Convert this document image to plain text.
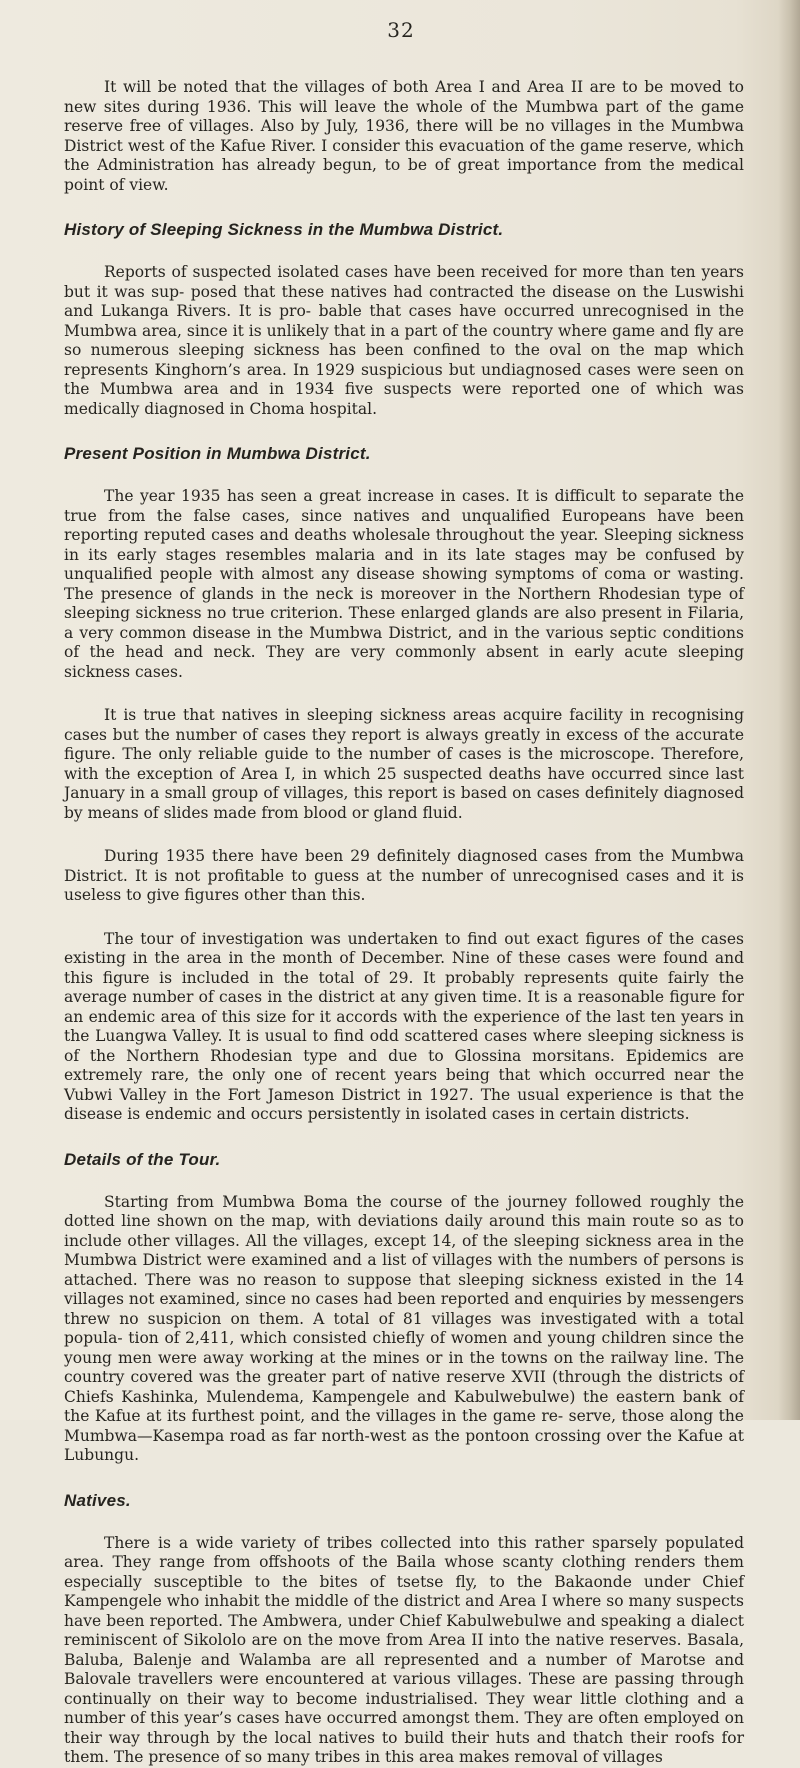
32

It will be noted that the villages of both Area I and Area II are to be moved to new sites during 1936. This will leave the whole of the Mumbwa part of the game reserve free of villages. Also by July, 1936, there will be no villages in the Mumbwa District west of the Kafue River. I consider this evacuation of the game reserve, which the Administration has already begun, to be of great importance from the medical point of view.

History of Sleeping Sickness in the Mumbwa District.

Reports of suspected isolated cases have been received for more than ten years but it was sup- posed that these natives had contracted the disease on the Luswishi and Lukanga Rivers. It is pro- bable that cases have occurred unrecognised in the Mumbwa area, since it is unlikely that in a part of the country where game and fly are so numerous sleeping sickness has been confined to the oval on the map which represents Kinghorn’s area. In 1929 suspicious but undiagnosed cases were seen on the Mumbwa area and in 1934 five suspects were reported one of which was medically diagnosed in Choma hospital.

Present Position in Mumbwa District.

The year 1935 has seen a great increase in cases. It is difficult to separate the true from the false cases, since natives and unqualified Europeans have been reporting reputed cases and deaths wholesale throughout the year. Sleeping sickness in its early stages resembles malaria and in its late stages may be confused by unqualified people with almost any disease showing symptoms of coma or wasting. The presence of glands in the neck is moreover in the Northern Rhodesian type of sleeping sickness no true criterion. These enlarged glands are also present in Filaria, a very common disease in the Mumbwa District, and in the various septic conditions of the head and neck. They are very commonly absent in early acute sleeping sickness cases.

It is true that natives in sleeping sickness areas acquire facility in recognising cases but the number of cases they report is always greatly in excess of the accurate figure. The only reliable guide to the number of cases is the microscope. Therefore, with the exception of Area I, in which 25 suspected deaths have occurred since last January in a small group of villages, this report is based on cases definitely diagnosed by means of slides made from blood or gland fluid.

During 1935 there have been 29 definitely diagnosed cases from the Mumbwa District. It is not profitable to guess at the number of unrecognised cases and it is useless to give figures other than this.

The tour of investigation was undertaken to find out exact figures of the cases existing in the area in the month of December. Nine of these cases were found and this figure is included in the total of 29. It probably represents quite fairly the average number of cases in the district at any given time. It is a reasonable figure for an endemic area of this size for it accords with the experience of the last ten years in the Luangwa Valley. It is usual to find odd scattered cases where sleeping sickness is of the Northern Rhodesian type and due to Glossina morsitans. Epidemics are extremely rare, the only one of recent years being that which occurred near the Vubwi Valley in the Fort Jameson District in 1927. The usual experience is that the disease is endemic and occurs persistently in isolated cases in certain districts.

Details of the Tour.

Starting from Mumbwa Boma the course of the journey followed roughly the dotted line shown on the map, with deviations daily around this main route so as to include other villages. All the villages, except 14, of the sleeping sickness area in the Mumbwa District were examined and a list of villages with the numbers of persons is attached. There was no reason to suppose that sleeping sickness existed in the 14 villages not examined, since no cases had been reported and enquiries by messengers threw no suspicion on them. A total of 81 villages was investigated with a total popula- tion of 2,411, which consisted chiefly of women and young children since the young men were away working at the mines or in the towns on the railway line. The country covered was the greater part of native reserve XVII (through the districts of Chiefs Kashinka, Mulendema, Kampengele and Kabulwebulwe) the eastern bank of the Kafue at its furthest point, and the villages in the game re- serve, those along the Mumbwa—Kasempa road as far north-west as the pontoon crossing over the Kafue at Lubungu.

Natives.

There is a wide variety of tribes collected into this rather sparsely populated area. They range from offshoots of the Baila whose scanty clothing renders them especially susceptible to the bites of tsetse fly, to the Bakaonde under Chief Kampengele who inhabit the middle of the district and Area I where so many suspects have been reported. The Ambwera, under Chief Kabulwebulwe and speaking a dialect reminiscent of Sikololo are on the move from Area II into the native reserves. Basala, Baluba, Balenje and Walamba are all represented and a number of Marotse and Balovale travellers were encountered at various villages. These are passing through continually on their way to become industrialised. They wear little clothing and a number of this year’s cases have occurred amongst them. They are often employed on their way through by the local natives to build their huts and thatch their roofs for them. The presence of so many tribes in this area makes removal of villages
